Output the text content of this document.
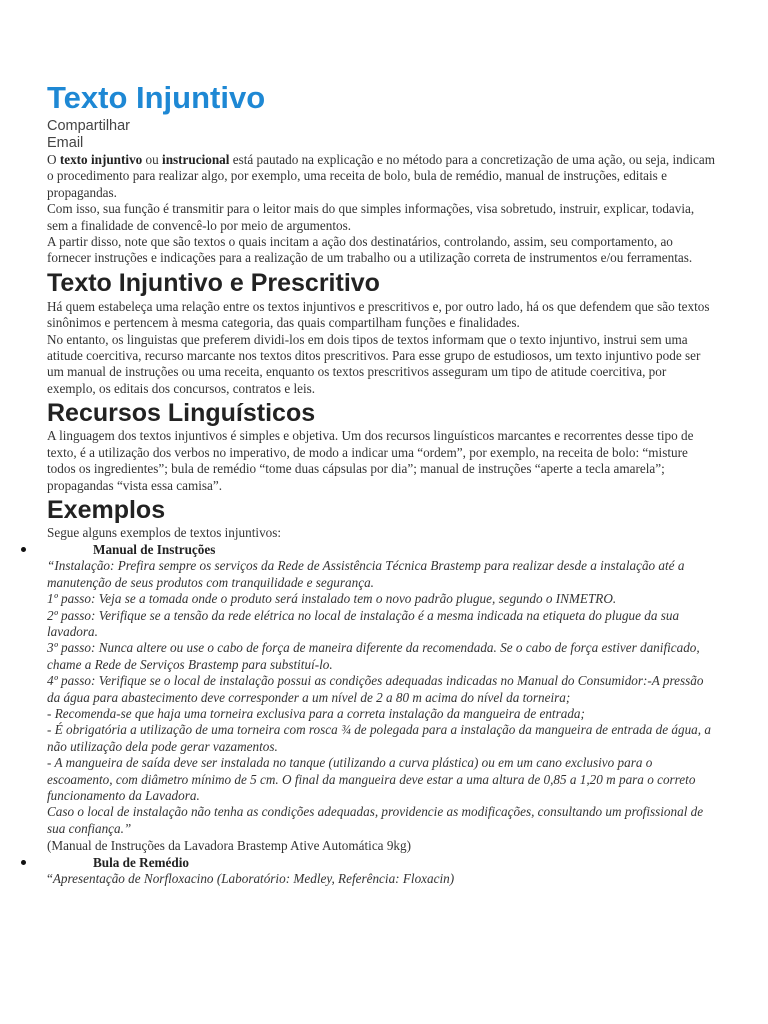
Texto Injuntivo
Compartilhar
Email

O texto injuntivo ou instrucional está pautado na explicação e no método para a concretização de uma ação, ou seja, indicam o procedimento para realizar algo, por exemplo, uma receita de bolo, bula de remédio, manual de instruções, editais e propagandas.

Com isso, sua função é transmitir para o leitor mais do que simples informações, visa sobretudo, instruir, explicar, todavia, sem a finalidade de convencê-lo por meio de argumentos.

A partir disso, note que são textos o quais incitam a ação dos destinatários, controlando, assim, seu comportamento, ao fornecer instruções e indicações para a realização de um trabalho ou a utilização correta de instrumentos e/ou ferramentas.

Texto Injuntivo e Prescritivo

Há quem estabeleça uma relação entre os textos injuntivos e prescritivos e, por outro lado, há os que defendem que são textos sinônimos e pertencem à mesma categoria, das quais compartilham funções e finalidades.

No entanto, os linguistas que preferem dividi-los em dois tipos de textos informam que o texto injuntivo, instrui sem uma atitude coercitiva, recurso marcante nos textos ditos prescritivos. Para esse grupo de estudiosos, um texto injuntivo pode ser um manual de instruções ou uma receita, enquanto os textos prescritivos asseguram um tipo de atitude coercitiva, por exemplo, os editais dos concursos, contratos e leis.

Recursos Linguísticos

A linguagem dos textos injuntivos é simples e objetiva. Um dos recursos linguísticos marcantes e recorrentes desse tipo de texto, é a utilização dos verbos no imperativo, de modo a indicar uma “ordem”, por exemplo, na receita de bolo: “misture todos os ingredientes”; bula de remédio “tome duas cápsulas por dia”; manual de instruções “aperte a tecla amarela”; propagandas “vista essa camisa”.

Exemplos

Segue alguns exemplos de textos injuntivos:

Manual de Instruções

“Instalação: Prefira sempre os serviços da Rede de Assistência Técnica Brastemp para realizar desde a instalação até a manutenção de seus produtos com tranquilidade e segurança.

1º passo: Veja se a tomada onde o produto será instalado tem o novo padrão plugue, segundo o INMETRO.

2º passo: Verifique se a tensão da rede elétrica no local de instalação é a mesma indicada na etiqueta do plugue da sua lavadora.

3º passo: Nunca altere ou use o cabo de força de maneira diferente da recomendada. Se o cabo de força estiver danificado, chame a Rede de Serviços Brastemp para substituí-lo.

4º passo: Verifique se o local de instalação possui as condições adequadas indicadas no Manual do Consumidor:-A pressão da água para abastecimento deve corresponder a um nível de 2 a 80 m acima do nível da torneira;

- Recomenda-se que haja uma torneira exclusiva para a correta instalação da mangueira de entrada;

- É obrigatória a utilização de uma torneira com rosca ¾ de polegada para a instalação da mangueira de entrada de água, a não utilização dela pode gerar vazamentos.

- A mangueira de saída deve ser instalada no tanque (utilizando a curva plástica) ou em um cano exclusivo para o escoamento, com diâmetro mínimo de 5 cm. O final da mangueira deve estar a uma altura de 0,85 a 1,20 m para o correto funcionamento da Lavadora.

Caso o local de instalação não tenha as condições adequadas, providencie as modificações, consultando um profissional de sua confiança.”

(Manual de Instruções da Lavadora Brastemp Ative Automática 9kg)

Bula de Remédio

“Apresentação de Norfloxacino (Laboratório: Medley, Referência: Floxacin)
